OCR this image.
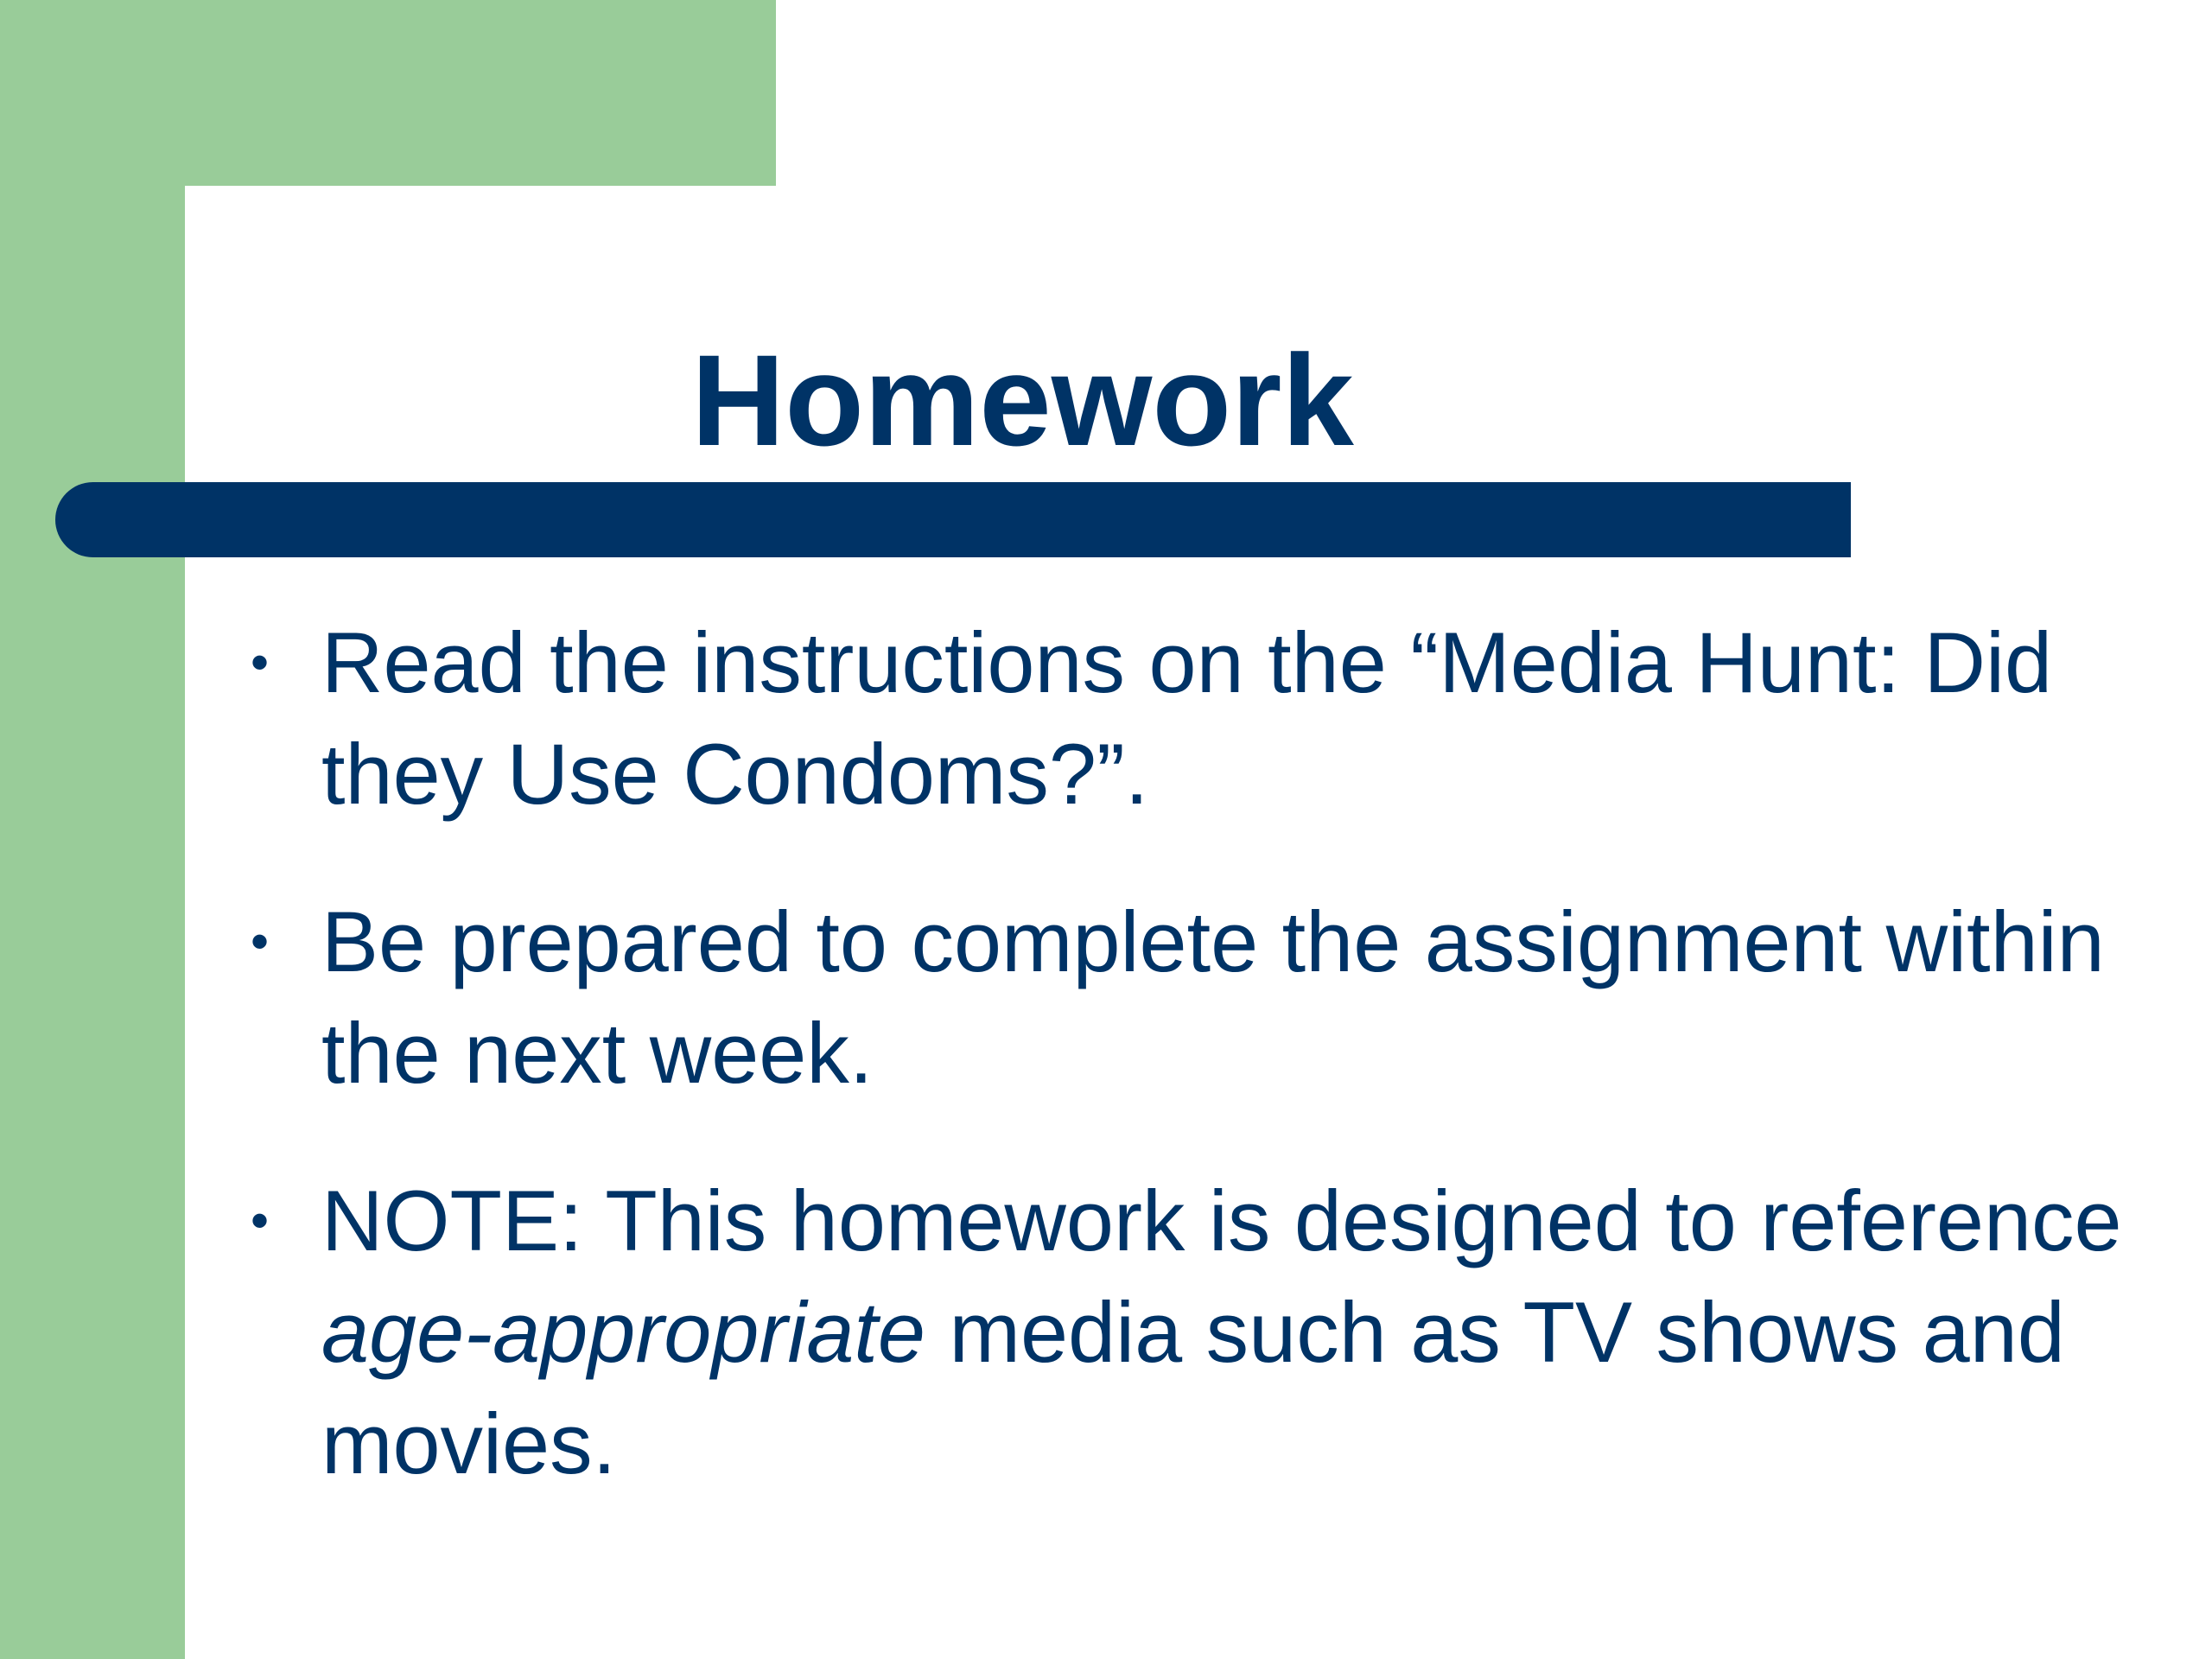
Homework
• Read the instructions on the “Media Hunt: Did they Use Condoms?”.

• Be prepared to complete the assignment within the next week.

• NOTE: This homework is designed to reference age-appropriate media such as TV shows and movies.
